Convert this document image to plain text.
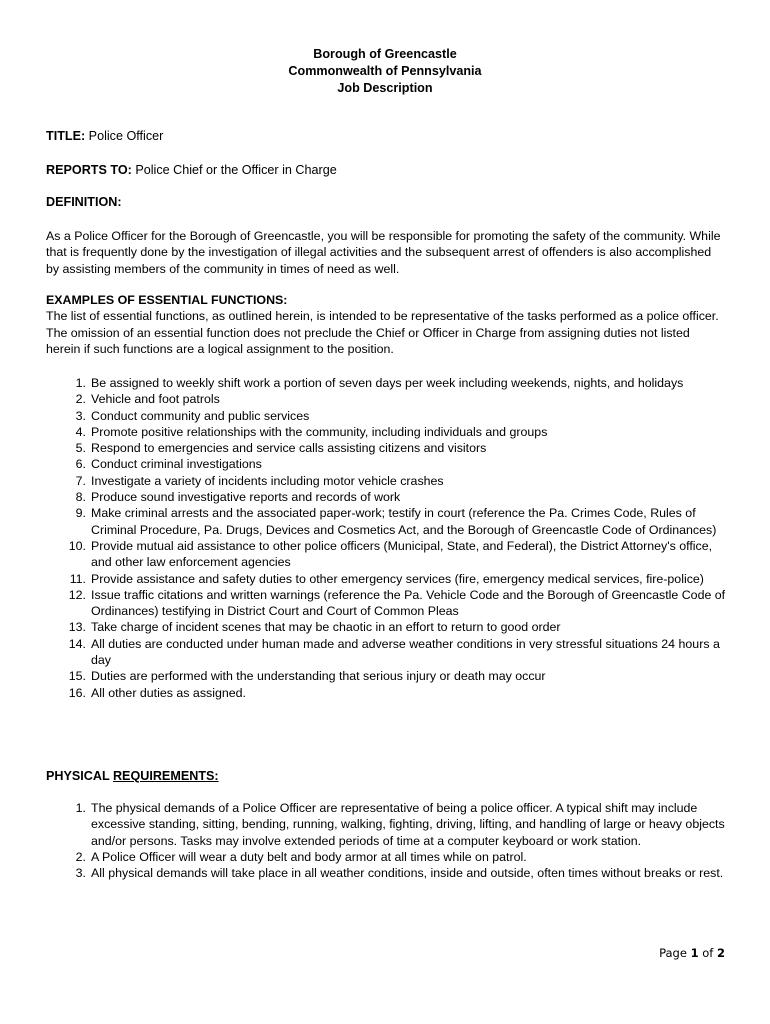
Borough of Greencastle
Commonwealth of Pennsylvania
Job Description
TITLE: Police Officer
REPORTS TO: Police Chief or the Officer in Charge
DEFINITION:
As a Police Officer for the Borough of Greencastle, you will be responsible for promoting the safety of the community. While that is frequently done by the investigation of illegal activities and the subsequent arrest of offenders is also accomplished by assisting members of the community in times of need as well.
EXAMPLES OF ESSENTIAL FUNCTIONS:
The list of essential functions, as outlined herein, is intended to be representative of the tasks performed as a police officer. The omission of an essential function does not preclude the Chief or Officer in Charge from assigning duties not listed herein if such functions are a logical assignment to the position.
1. Be assigned to weekly shift work a portion of seven days per week including weekends, nights, and holidays
2. Vehicle and foot patrols
3. Conduct community and public services
4. Promote positive relationships with the community, including individuals and groups
5. Respond to emergencies and service calls assisting citizens and visitors
6. Conduct criminal investigations
7. Investigate a variety of incidents including motor vehicle crashes
8. Produce sound investigative reports and records of work
9. Make criminal arrests and the associated paper-work; testify in court (reference the Pa. Crimes Code, Rules of Criminal Procedure, Pa. Drugs, Devices and Cosmetics Act, and the Borough of Greencastle Code of Ordinances)
10. Provide mutual aid assistance to other police officers (Municipal, State, and Federal), the District Attorney's office, and other law enforcement agencies
11. Provide assistance and safety duties to other emergency services (fire, emergency medical services, fire-police)
12. Issue traffic citations and written warnings (reference the Pa. Vehicle Code and the Borough of Greencastle Code of Ordinances) testifying in District Court and Court of Common Pleas
13. Take charge of incident scenes that may be chaotic in an effort to return to good order
14. All duties are conducted under human made and adverse weather conditions in very stressful situations 24 hours a day
15. Duties are performed with the understanding that serious injury or death may occur
16. All other duties as assigned.
PHYSICAL REQUIREMENTS:
1. The physical demands of a Police Officer are representative of being a police officer. A typical shift may include excessive standing, sitting, bending, running, walking, fighting, driving, lifting, and handling of large or heavy objects and/or persons. Tasks may involve extended periods of time at a computer keyboard or work station.
2. A Police Officer will wear a duty belt and body armor at all times while on patrol.
3. All physical demands will take place in all weather conditions, inside and outside, often times without breaks or rest.
Page 1 of 2
